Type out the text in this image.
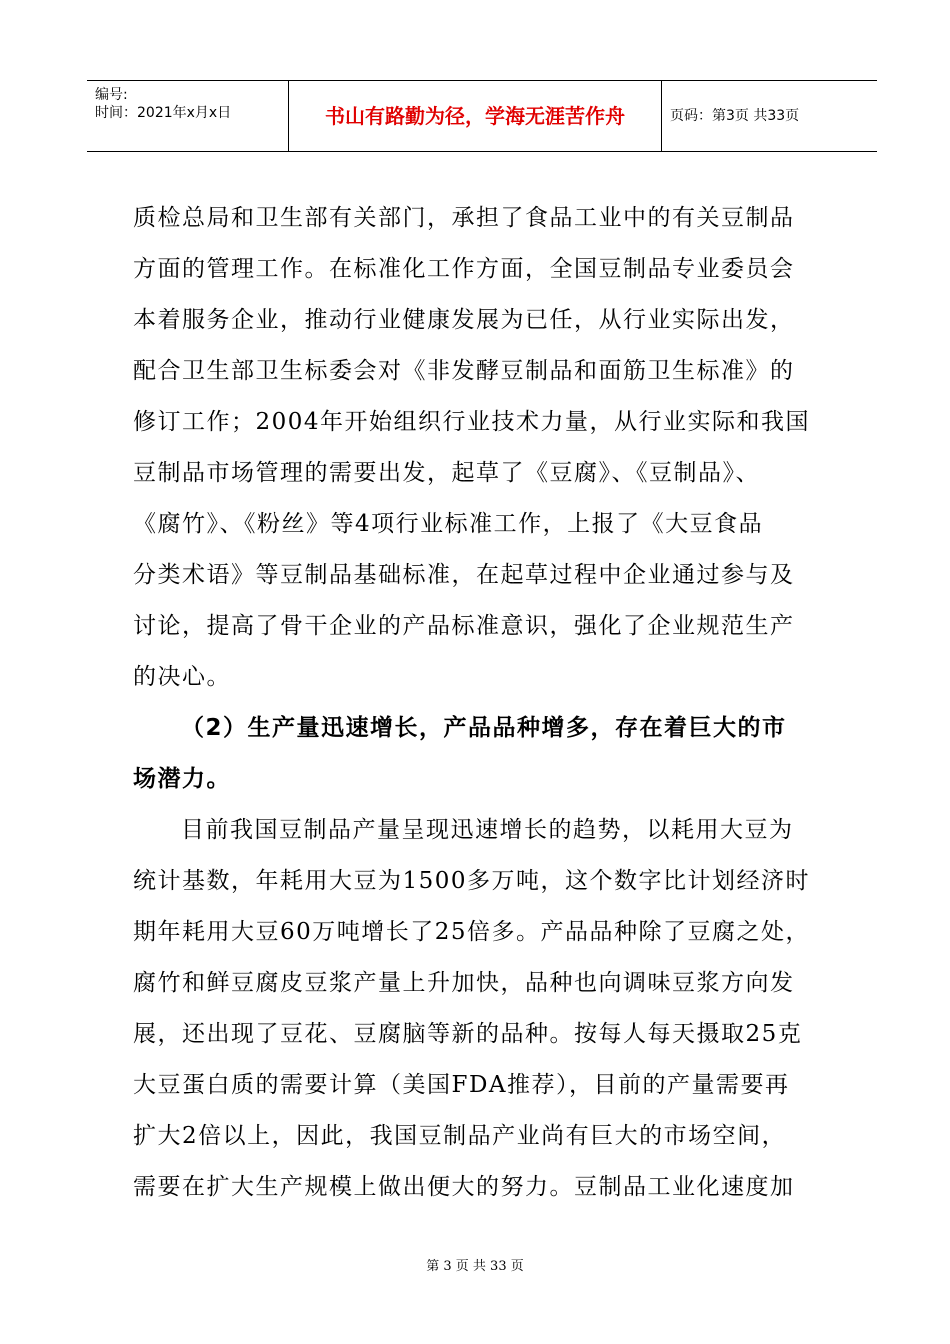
编号:
时间：2021年x月x日	书山有路勤为径，学海无涯苦作舟	页码：第3页 共33页
质检总局和卫生部有关部门，承担了食品工业中的有关豆制品
方面的管理工作。在标准化工作方面，全国豆制品专业委员会
本着服务企业，推动行业健康发展为已任，从行业实际出发，
配合卫生部卫生标委会对《非发酵豆制品和面筋卫生标准》的
修订工作；2004年开始组织行业技术力量，从行业实际和我国
豆制品市场管理的需要出发，起草了《豆腐》、《豆制品》、
《腐竹》、《粉丝》等4项行业标准工作，上报了《大豆食品
分类术语》等豆制品基础标准，在起草过程中企业通过参与及
讨论，提高了骨干企业的产品标准意识，强化了企业规范生产
的决心。
（2）生产量迅速增长，产品品种增多，存在着巨大的市
场潜力。
目前我国豆制品产量呈现迅速增长的趋势，以耗用大豆为
统计基数，年耗用大豆为1500多万吨，这个数字比计划经济时
期年耗用大豆60万吨增长了25倍多。产品品种除了豆腐之处，
腐竹和鲜豆腐皮豆浆产量上升加快，品种也向调味豆浆方向发
展，还出现了豆花、豆腐脑等新的品种。按每人每天摄取25克
大豆蛋白质的需要计算（美国FDA推荐），目前的产量需要再
扩大2倍以上，因此，我国豆制品产业尚有巨大的市场空间，
需要在扩大生产规模上做出便大的努力。豆制品工业化速度加
第 3 页 共 33 页
